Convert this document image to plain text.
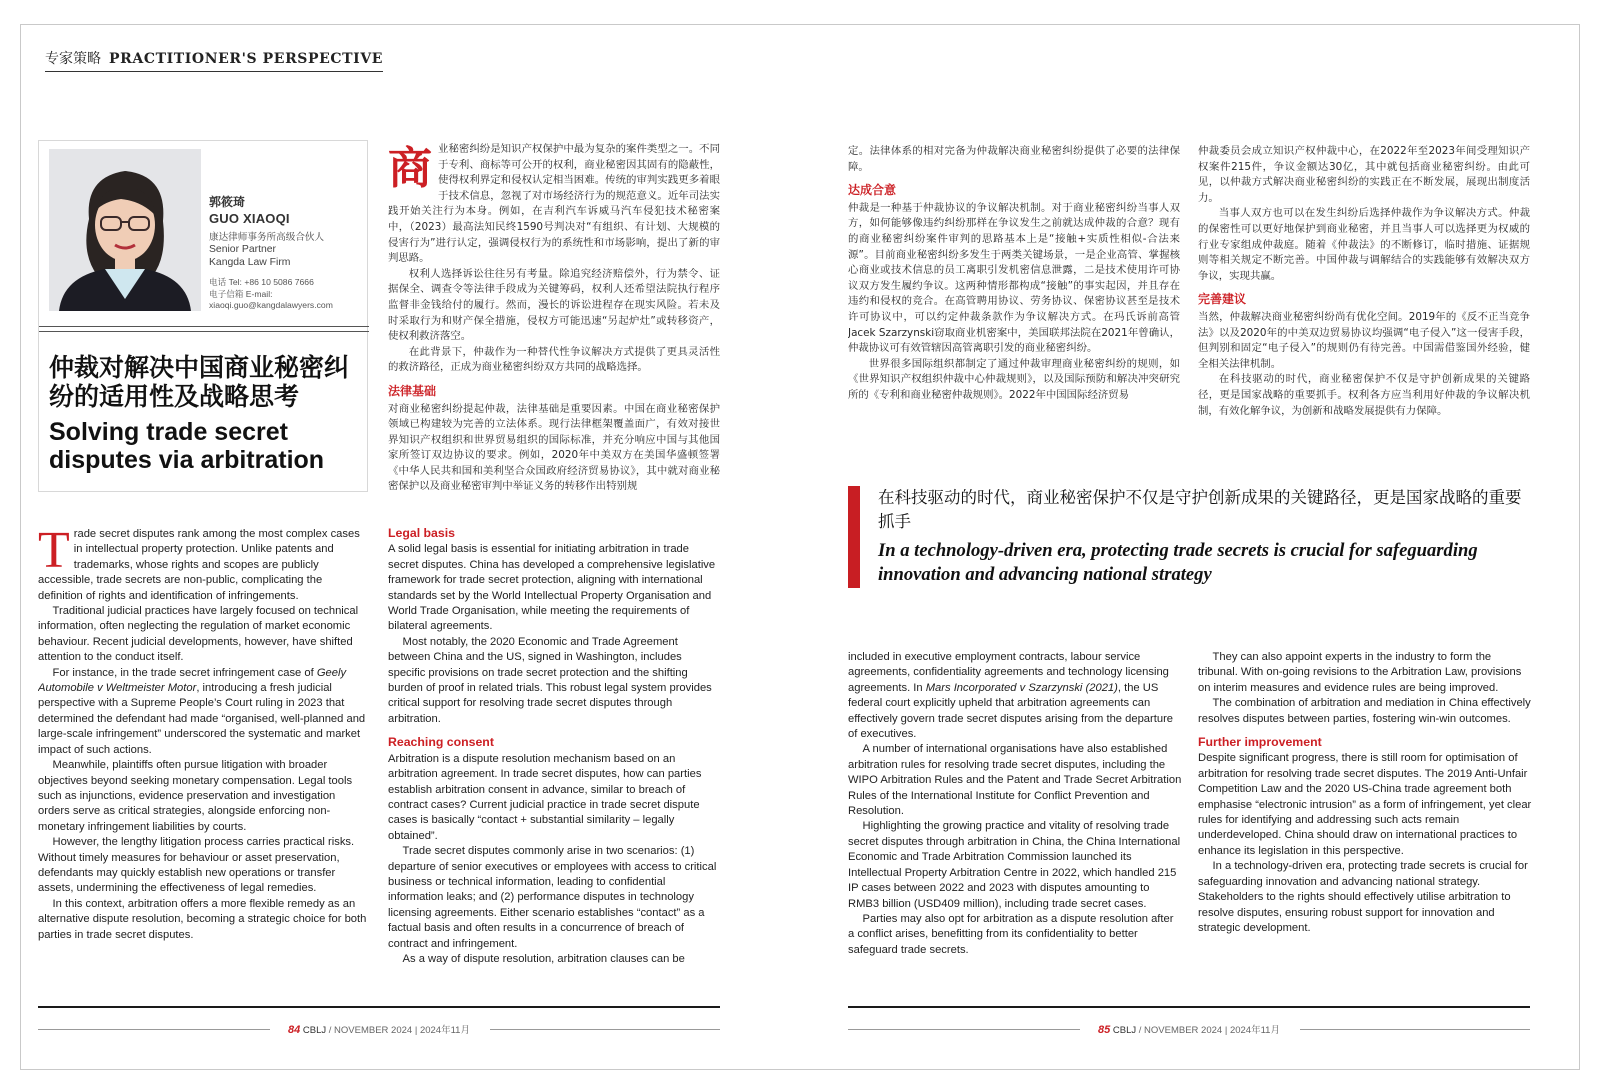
专家策略 PRACTITIONER'S PERSPECTIVE
郭筱琦
GUO XIAOQI
康达律师事务所高级合伙人
Senior Partner
Kangda Law Firm
电话 Tel: +86 10 5086 7666
电子信箱 E-mail:
xiaoqi.guo@kangdalawyers.com
仲裁对解决中国商业秘密纠纷的适用性及战略思考
Solving trade secret disputes via arbitration
商 业秘密纠纷是知识产权保护中最为复杂的案件类型之一。不同于专利、商标等可公开的权利，商业秘密因其固有的隐蔽性，使得权利界定和侵权认定相当困难。传统的审判实践更多着眼于技术信息，忽视了对市场经济行为的规范意义。近年司法实践开始关注行为本身。例如，在吉利汽车诉威马汽车侵犯技术秘密案中，（2023）最高法知民终1590号判决对“有组织、有计划、大规模的侵害行为”进行认定，强调侵权行为的系统性和市场影响，提出了新的审判思路。

权利人选择诉讼往往另有考量。除追究经济赔偿外，行为禁令、证据保全、调查令等法律手段成为关键筹码，权利人还希望法院执行程序监督非金钱给付的履行。然而，漫长的诉讼进程存在现实风险。若未及时采取行为和财产保全措施，侵权方可能迅速“另起炉灶”或转移资产，使权利救济落空。

在此背景下，仲裁作为一种替代性争议解决方式提供了更具灵活性的救济路径，正成为商业秘密纠纷双方共同的战略选择。

法律基础

对商业秘密纠纷提起仲裁，法律基础是重要因素。中国在商业秘密保护领域已构建较为完善的立法体系。现行法律框架覆盖面广，有效对接世界知识产权组织和世界贸易组织的国际标准，并充分响应中国与其他国家所签订双边协议的要求。例如，2020年中美双方在美国华盛顿签署《中华人民共和国和美利坚合众国政府经济贸易协议》，其中就对商业秘密保护以及商业秘密审判中举证义务的转移作出特别规

定。法律体系的相对完备为仲裁解决商业秘密纠纷提供了必要的法律保障。

达成合意

仲裁是一种基于仲裁协议的争议解决机制。对于商业秘密纠纷当事人双方，如何能够像违约纠纷那样在争议发生之前就达成仲裁的合意？现有的商业秘密纠纷案件审判的思路基本上是“接触+实质性相似-合法来源”。目前商业秘密纠纷多发生于两类关键场景，一是企业高管、掌握核心商业或技术信息的员工离职引发机密信息泄露，二是技术使用许可协议双方发生履约争议。这两种情形都构成“接触”的事实起因，并且存在违约和侵权的竞合。在高管聘用协议、劳务协议、保密协议甚至是技术许可协议中，可以约定仲裁条款作为争议解决方式。在玛氏诉前高管Jacek Szarzynski窃取商业机密案中，美国联邦法院在2021年曾确认，仲裁协议可有效管辖因高管离职引发的商业秘密纠纷。

世界很多国际组织都制定了通过仲裁审理商业秘密纠纷的规则，如《世界知识产权组织仲裁中心仲裁规则》，以及国际预防和解决冲突研究所的《专利和商业秘密仲裁规则》。2022年中国国际经济贸易

仲裁委员会成立知识产权仲裁中心，在2022年至2023年间受理知识产权案件215件，争议金额达30亿，其中就包括商业秘密纠纷。由此可见，以仲裁方式解决商业秘密纠纷的实践正在不断发展，展现出制度活力。

当事人双方也可以在发生纠纷后选择仲裁作为争议解决方式。仲裁的保密性可以更好地保护到商业秘密，并且当事人可以选择更为权威的行业专家组成仲裁庭。随着《仲裁法》的不断修订，临时措施、证据规则等相关规定不断完善。中国仲裁与调解结合的实践能够有效解决双方争议，实现共赢。

完善建议

当然，仲裁解决商业秘密纠纷尚有优化空间。2019年的《反不正当竞争法》以及2020年的中美双边贸易协议均强调“电子侵入”这一侵害手段，但判别和固定“电子侵入”的规则仍有待完善。中国需借鉴国外经验，健全相关法律机制。

在科技驱动的时代，商业秘密保护不仅是守护创新成果的关键路径，更是国家战略的重要抓手。权利各方应当利用好仲裁的争议解决机制，有效化解争议，为创新和战略发展提供有力保障。

在科技驱动的时代，商业秘密保护不仅是守护创新成果的关键路径，更是国家战略的重要抓手
In a technology-driven era, protecting trade secrets is crucial for safeguarding innovation and advancing national strategy
T rade secret disputes rank among the most complex cases in intellectual property protection. Unlike patents and trademarks, whose rights and scopes are publicly accessible, trade secrets are non-public, complicating the definition of rights and identification of infringements.

Traditional judicial practices have largely focused on technical information, often neglecting the regulation of market economic behaviour. Recent judicial developments, however, have shifted attention to the conduct itself.

For instance, in the trade secret infringement case of Geely Automobile v Weltmeister Motor, introducing a fresh judicial perspective with a Supreme People’s Court ruling in 2023 that determined the defendant had made “organised, well-planned and large-scale infringement” underscored the systematic and market impact of such actions.

Meanwhile, plaintiffs often pursue litigation with broader objectives beyond seeking monetary compensation. Legal tools such as injunctions, evidence preservation and investigation orders serve as critical strategies, alongside enforcing non-monetary infringement liabilities by courts.

However, the lengthy litigation process carries practical risks. Without timely measures for behaviour or asset preservation, defendants may quickly establish new operations or transfer assets, undermining the effectiveness of legal remedies.

In this context, arbitration offers a more flexible remedy as an alternative dispute resolution, becoming a strategic choice for both parties in trade secret disputes.

Legal basis

A solid legal basis is essential for initiating arbitration in trade secret disputes. China has developed a comprehensive legislative framework for trade secret protection, aligning with international standards set by the World Intellectual Property Organisation and World Trade Organisation, while meeting the requirements of bilateral agreements.

Most notably, the 2020 Economic and Trade Agreement between China and the US, signed in Washington, includes specific provisions on trade secret protection and the shifting burden of proof in related trials. This robust legal system provides critical support for resolving trade secret disputes through arbitration.

Reaching consent

Arbitration is a dispute resolution mechanism based on an arbitration agreement. In trade secret disputes, how can parties establish arbitration consent in advance, similar to breach of contract cases? Current judicial practice in trade secret dispute cases is basically “contact + substantial similarity – legally obtained”.

Trade secret disputes commonly arise in two scenarios: (1) departure of senior executives or employees with access to critical business or technical information, leading to confidential information leaks; and (2) performance disputes in technology licensing agreements. Either scenario establishes “contact” as a factual basis and often results in a concurrence of breach of contract and infringement.

As a way of dispute resolution, arbitration clauses can be

included in executive employment contracts, labour service agreements, confidentiality agreements and technology licensing agreements. In Mars Incorporated v Szarzynski (2021), the US federal court explicitly upheld that arbitration agreements can effectively govern trade secret disputes arising from the departure of executives.

A number of international organisations have also established arbitration rules for resolving trade secret disputes, including the WIPO Arbitration Rules and the Patent and Trade Secret Arbitration Rules of the International Institute for Conflict Prevention and Resolution.

Highlighting the growing practice and vitality of resolving trade secret disputes through arbitration in China, the China International Economic and Trade Arbitration Commission launched its Intellectual Property Arbitration Centre in 2022, which handled 215 IP cases between 2022 and 2023 with disputes amounting to RMB3 billion (USD409 million), including trade secret cases.

Parties may also opt for arbitration as a dispute resolution after a conflict arises, benefitting from its confidentiality to better safeguard trade secrets.

They can also appoint experts in the industry to form the tribunal. With on-going revisions to the Arbitration Law, provisions on interim measures and evidence rules are being improved.

The combination of arbitration and mediation in China effectively resolves disputes between parties, fostering win-win outcomes.

Further improvement

Despite significant progress, there is still room for optimisation of arbitration for resolving trade secret disputes. The 2019 Anti-Unfair Competition Law and the 2020 US-China trade agreement both emphasise “electronic intrusion” as a form of infringement, yet clear rules for identifying and addressing such acts remain underdeveloped. China should draw on international practices to enhance its legislation in this perspective.

In a technology-driven era, protecting trade secrets is crucial for safeguarding innovation and advancing national strategy. Stakeholders to the rights should effectively utilise arbitration to resolve disputes, ensuring robust support for innovation and strategic development.

84 CBLJ / NOVEMBER 2024 | 2024年11月	85 CBLJ / NOVEMBER 2024 | 2024年11月
